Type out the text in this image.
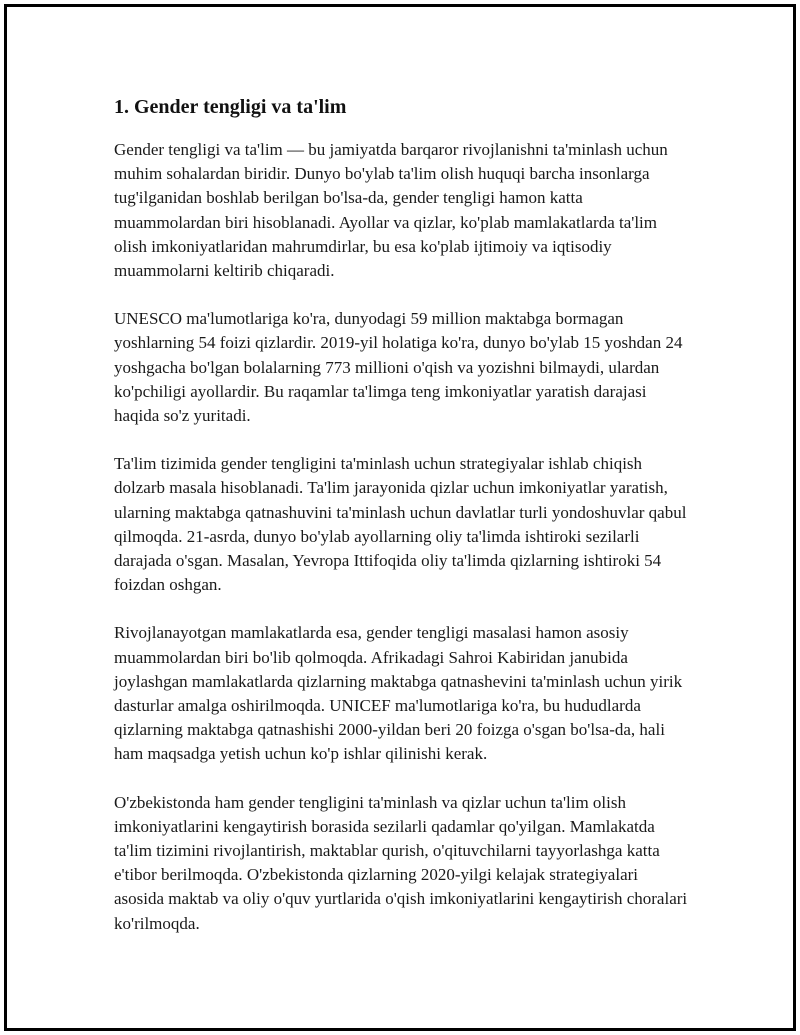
1. Gender tengligi va ta'lim

Gender tengligi va ta'lim — bu jamiyatda barqaror rivojlanishni ta'minlash uchun muhim sohalardan biridir. Dunyo bo'ylab ta'lim olish huquqi barcha insonlarga tug'ilganidan boshlab berilgan bo'lsa-da, gender tengligi hamon katta muammolardan biri hisoblanadi. Ayollar va qizlar, ko'plab mamlakatlarda ta'lim olish imkoniyatlaridan mahrumdirlar, bu esa ko'plab ijtimoiy va iqtisodiy muammolarni keltirib chiqaradi.

UNESCO ma'lumotlariga ko'ra, dunyodagi 59 million maktabga bormagan yoshlarning 54 foizi qizlardir. 2019-yil holatiga ko'ra, dunyo bo'ylab 15 yoshdan 24 yoshgacha bo'lgan bolalarning 773 millioni o'qish va yozishni bilmaydi, ulardan ko'pchiligi ayollardir. Bu raqamlar ta'limga teng imkoniyatlar yaratish darajasi haqida so'z yuritadi.

Ta'lim tizimida gender tengligini ta'minlash uchun strategiyalar ishlab chiqish dolzarb masala hisoblanadi. Ta'lim jarayonida qizlar uchun imkoniyatlar yaratish, ularning maktabga qatnashuvini ta'minlash uchun davlatlar turli yondoshuvlar qabul qilmoqda. 21-asrda, dunyo bo'ylab ayollarning oliy ta'limda ishtiroki sezilarli darajada o'sgan. Masalan, Yevropa Ittifoqida oliy ta'limda qizlarning ishtiroki 54 foizdan oshgan.

Rivojlanayotgan mamlakatlarda esa, gender tengligi masalasi hamon asosiy muammolardan biri bo'lib qolmoqda. Afrikadagi Sahroi Kabiridan janubida joylashgan mamlakatlarda qizlarning maktabga qatnashevini ta'minlash uchun yirik dasturlar amalga oshirilmoqda. UNICEF ma'lumotlariga ko'ra, bu hududlarda qizlarning maktabga qatnashishi 2000-yildan beri 20 foizga o'sgan bo'lsa-da, hali ham maqsadga yetish uchun ko'p ishlar qilinishi kerak.

O'zbekistonda ham gender tengligini ta'minlash va qizlar uchun ta'lim olish imkoniyatlarini kengaytirish borasida sezilarli qadamlar qo'yilgan. Mamlakatda ta'lim tizimini rivojlantirish, maktablar qurish, o'qituvchilarni tayyorlashga katta e'tibor berilmoqda. O'zbekistonda qizlarning 2020-yilgi kelajak strategiyalari asosida maktab va oliy o'quv yurtlarida o'qish imkoniyatlarini kengaytirish choralari ko'rilmoqda.
